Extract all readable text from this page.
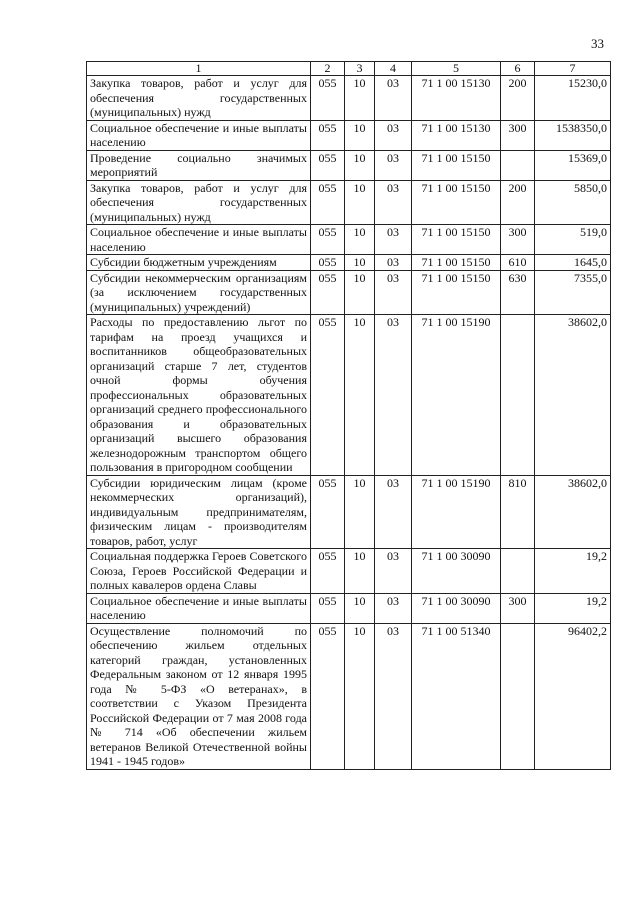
33
1	2	3	4	5	6	7
Закупка товаров, работ и услуг для обеспечения государственных (муниципальных) нужд	055	10	03	71 1 00 15130	200	15230,0
Социальное обеспечение и иные выплаты населению	055	10	03	71 1 00 15130	300	1538350,0
Проведение социально значимых мероприятий	055	10	03	71 1 00 15150		15369,0
Закупка товаров, работ и услуг для обеспечения государственных (муниципальных) нужд	055	10	03	71 1 00 15150	200	5850,0
Социальное обеспечение и иные выплаты населению	055	10	03	71 1 00 15150	300	519,0
Субсидии бюджетным учреждениям	055	10	03	71 1 00 15150	610	1645,0
Субсидии некоммерческим организациям (за исключением государственных (муниципальных) учреждений)	055	10	03	71 1 00 15150	630	7355,0
Расходы по предоставлению льгот по тарифам на проезд учащихся и воспитанников общеобразовательных организаций старше 7 лет, студентов очной формы обучения профессиональных образовательных организаций среднего профессионального образования и образовательных организаций высшего образования железнодорожным транспортом общего пользования в пригородном сообщении	055	10	03	71 1 00 15190		38602,0
Субсидии юридическим лицам (кроме некоммерческих организаций), индивидуальным предпринимателям, физическим лицам - производителям товаров, работ, услуг	055	10	03	71 1 00 15190	810	38602,0
Социальная поддержка Героев Советского Союза, Героев Российской Федерации и полных кавалеров ордена Славы	055	10	03	71 1 00 30090		19,2
Социальное обеспечение и иные выплаты населению	055	10	03	71 1 00 30090	300	19,2
Осуществление полномочий по обеспечению жильем отдельных категорий граждан, установленных Федеральным законом от 12 января 1995 года № 5-ФЗ «О ветеранах», в соответствии с Указом Президента Российской Федерации от 7 мая 2008 года № 714 «Об обеспечении жильем ветеранов Великой Отечественной войны 1941 - 1945 годов»	055	10	03	71 1 00 51340		96402,2
